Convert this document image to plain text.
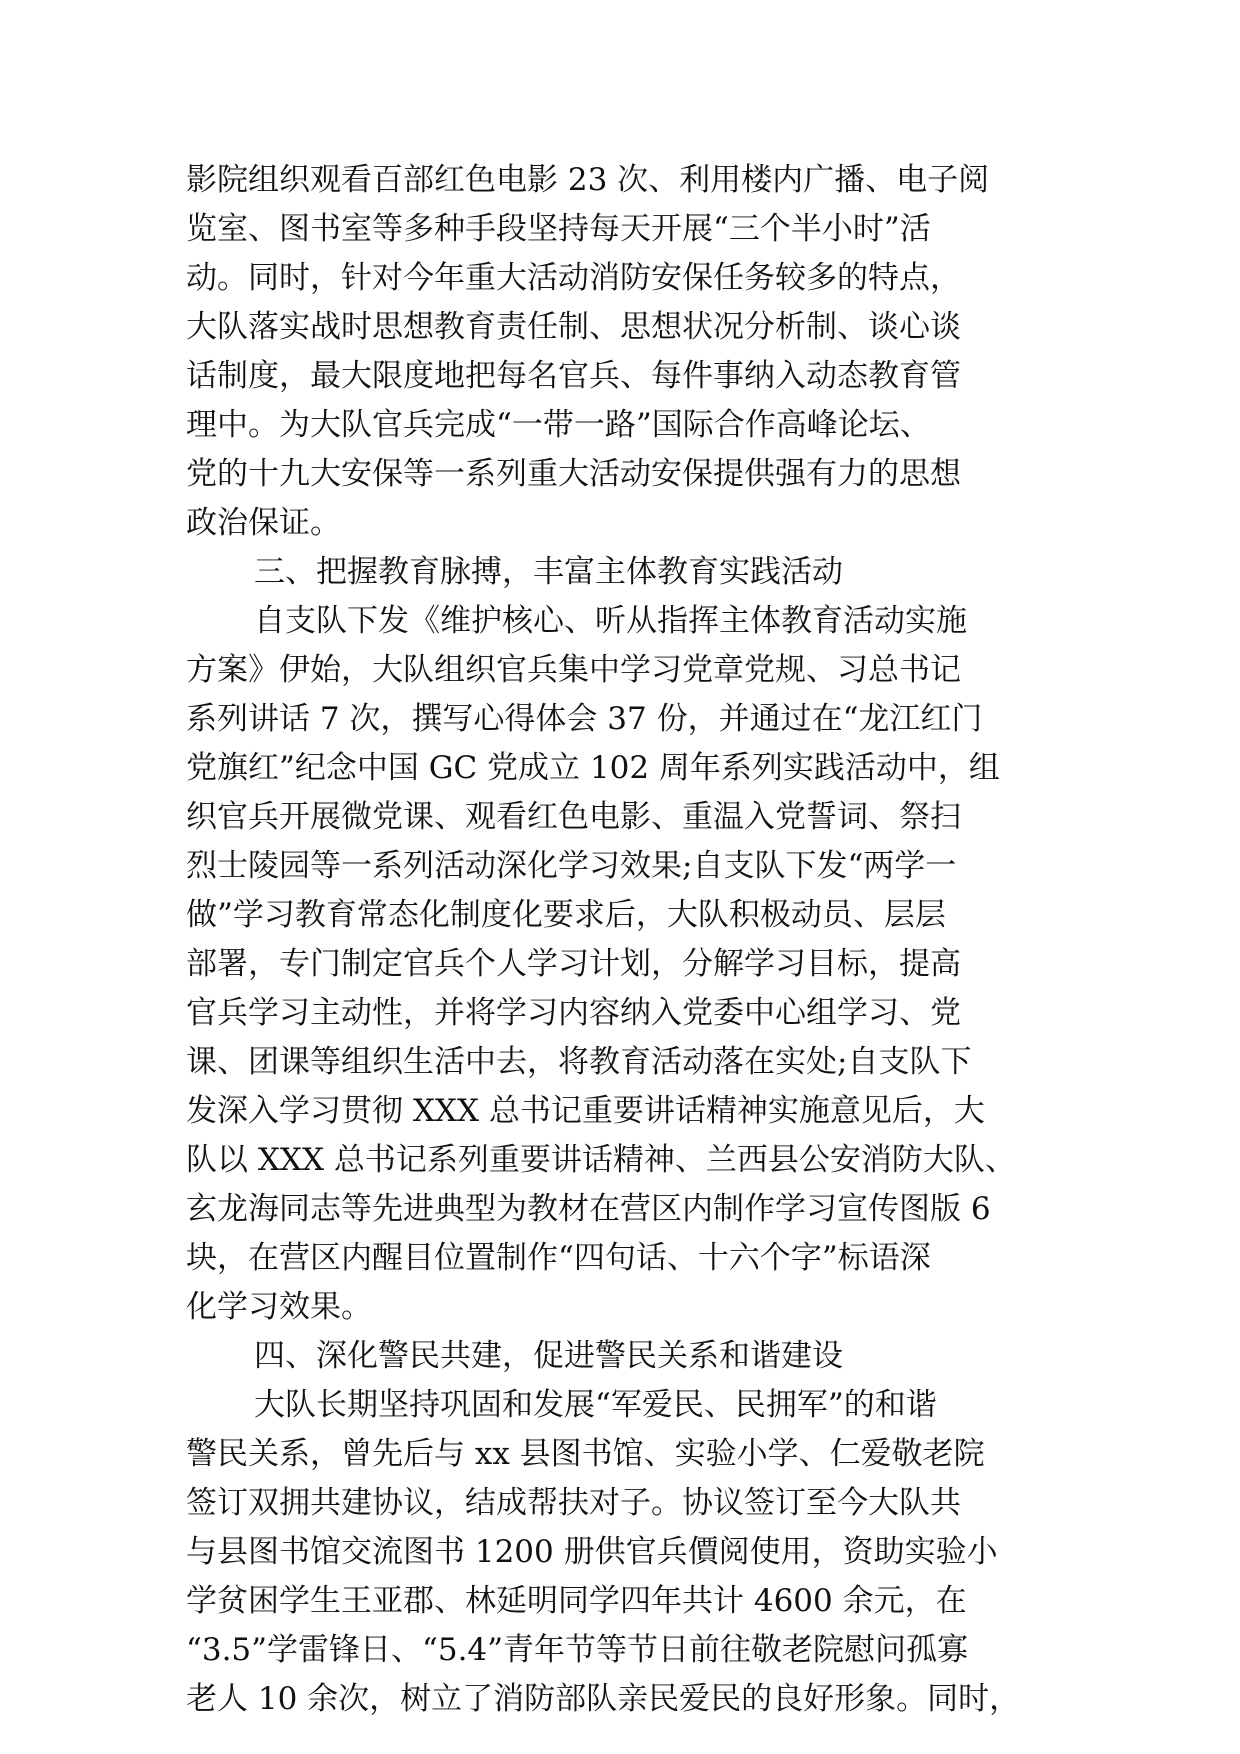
影院组织观看百部红色电影 23 次、利用楼内广播、电子阅
览室、图书室等多种手段坚持每天开展“三个半小时”活
动。同时，针对今年重大活动消防安保任务较多的特点，
大队落实战时思想教育责任制、思想状况分析制、谈心谈
话制度，最大限度地把每名官兵、每件事纳入动态教育管
理中。为大队官兵完成“一带一路”国际合作高峰论坛、
党的十九大安保等一系列重大活动安保提供强有力的思想
政治保证。
三、把握教育脉搏，丰富主体教育实践活动
自支队下发《维护核心、听从指挥主体教育活动实施
方案》伊始，大队组织官兵集中学习党章党规、习总书记
系列讲话 7 次，撰写心得体会 37 份，并通过在“龙江红门
党旗红”纪念中国 GC 党成立 102 周年系列实践活动中，组
织官兵开展微党课、观看红色电影、重温入党誓词、祭扫
烈士陵园等一系列活动深化学习效果;自支队下发“两学一
做”学习教育常态化制度化要求后，大队积极动员、层层
部署，专门制定官兵个人学习计划，分解学习目标，提高
官兵学习主动性，并将学习内容纳入党委中心组学习、党
课、团课等组织生活中去，将教育活动落在实处;自支队下
发深入学习贯彻 XXX 总书记重要讲话精神实施意见后，大
队以 XXX 总书记系列重要讲话精神、兰西县公安消防大队、
玄龙海同志等先进典型为教材在营区内制作学习宣传图版 6
块，在营区内醒目位置制作“四句话、十六个字”标语深
化学习效果。
四、深化警民共建，促进警民关系和谐建设
大队长期坚持巩固和发展“军爱民、民拥军”的和谐
警民关系，曾先后与 xx 县图书馆、实验小学、仁爱敬老院
签订双拥共建协议，结成帮扶对子。协议签订至今大队共
与县图书馆交流图书 1200 册供官兵價阅使用，资助实验小
学贫困学生王亚郡、林延明同学四年共计 4600 余元，在
“3.5”学雷锋日、“5.4”青年节等节日前往敬老院慰问孤寡
老人 10 余次，树立了消防部队亲民爱民的良好形象。同时，
